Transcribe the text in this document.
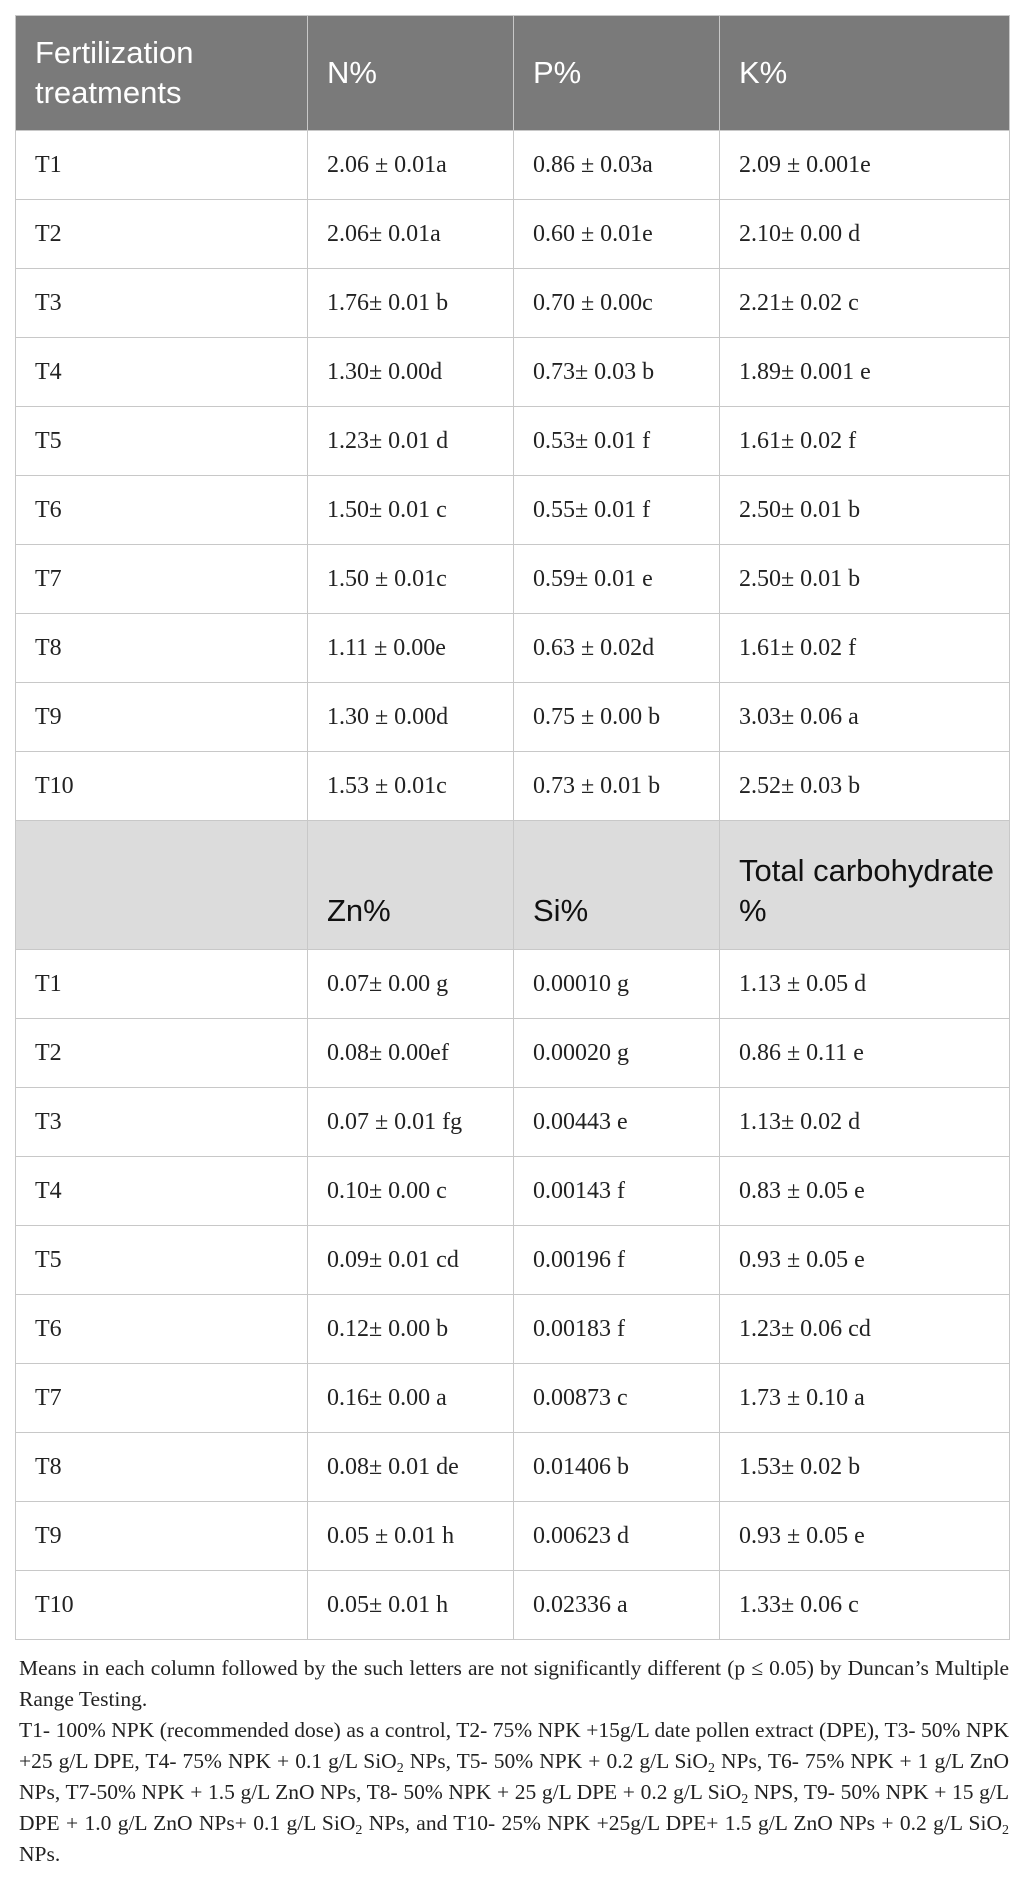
Fertilization treatments	N%	P%	K%
T1	2.06 ± 0.01a	0.86 ± 0.03a	2.09 ± 0.001e
T2	2.06± 0.01a	0.60 ± 0.01e	2.10± 0.00 d
T3	1.76± 0.01 b	0.70 ± 0.00c	2.21± 0.02 c
T4	1.30± 0.00d	0.73± 0.03 b	1.89± 0.001 e
T5	1.23± 0.01 d	0.53± 0.01 f	1.61± 0.02 f
T6	1.50± 0.01 c	0.55± 0.01 f	2.50± 0.01 b
T7	1.50 ± 0.01c	0.59± 0.01 e	2.50± 0.01 b
T8	1.11 ± 0.00e	0.63 ± 0.02d	1.61± 0.02 f
T9	1.30 ± 0.00d	0.75 ± 0.00 b	3.03± 0.06 a
T10	1.53 ± 0.01c	0.73 ± 0.01 b	2.52± 0.03 b
	Zn%	Si%	Total carbohydrate %
T1	0.07± 0.00 g	0.00010 g	1.13 ± 0.05 d
T2	0.08± 0.00ef	0.00020 g	0.86 ± 0.11 e
T3	0.07 ± 0.01 fg	0.00443 e	1.13± 0.02 d
T4	0.10± 0.00 c	0.00143 f	0.83 ± 0.05 e
T5	0.09± 0.01 cd	0.00196 f	0.93 ± 0.05 e
T6	0.12± 0.00 b	0.00183 f	1.23± 0.06 cd
T7	0.16± 0.00 a	0.00873 c	1.73 ± 0.10 a
T8	0.08± 0.01 de	0.01406 b	1.53± 0.02 b
T9	0.05 ± 0.01 h	0.00623 d	0.93 ± 0.05 e
T10	0.05± 0.01 h	0.02336 a	1.33± 0.06 c

Means in each column followed by the such letters are not significantly different (p ≤ 0.05) by Duncan’s Multiple Range Testing.

T1- 100% NPK (recommended dose) as a control, T2- 75% NPK +15g/L date pollen extract (DPE), T3- 50% NPK +25 g/L DPE, T4- 75% NPK + 0.1 g/L SiO$_2$ NPs, T5- 50% NPK + 0.2 g/L SiO$_2$ NPs, T6- 75% NPK + 1 g/L ZnO NPs, T7-50% NPK + 1.5 g/L ZnO NPs, T8- 50% NPK + 25 g/L DPE + 0.2 g/L SiO$_2$ NPS, T9- 50% NPK + 15 g/L DPE + 1.0 g/L ZnO NPs+ 0.1 g/L SiO$_2$ NPs, and T10- 25% NPK +25g/L DPE+ 1.5 g/L ZnO NPs + 0.2 g/L SiO$_2$ NPs.
